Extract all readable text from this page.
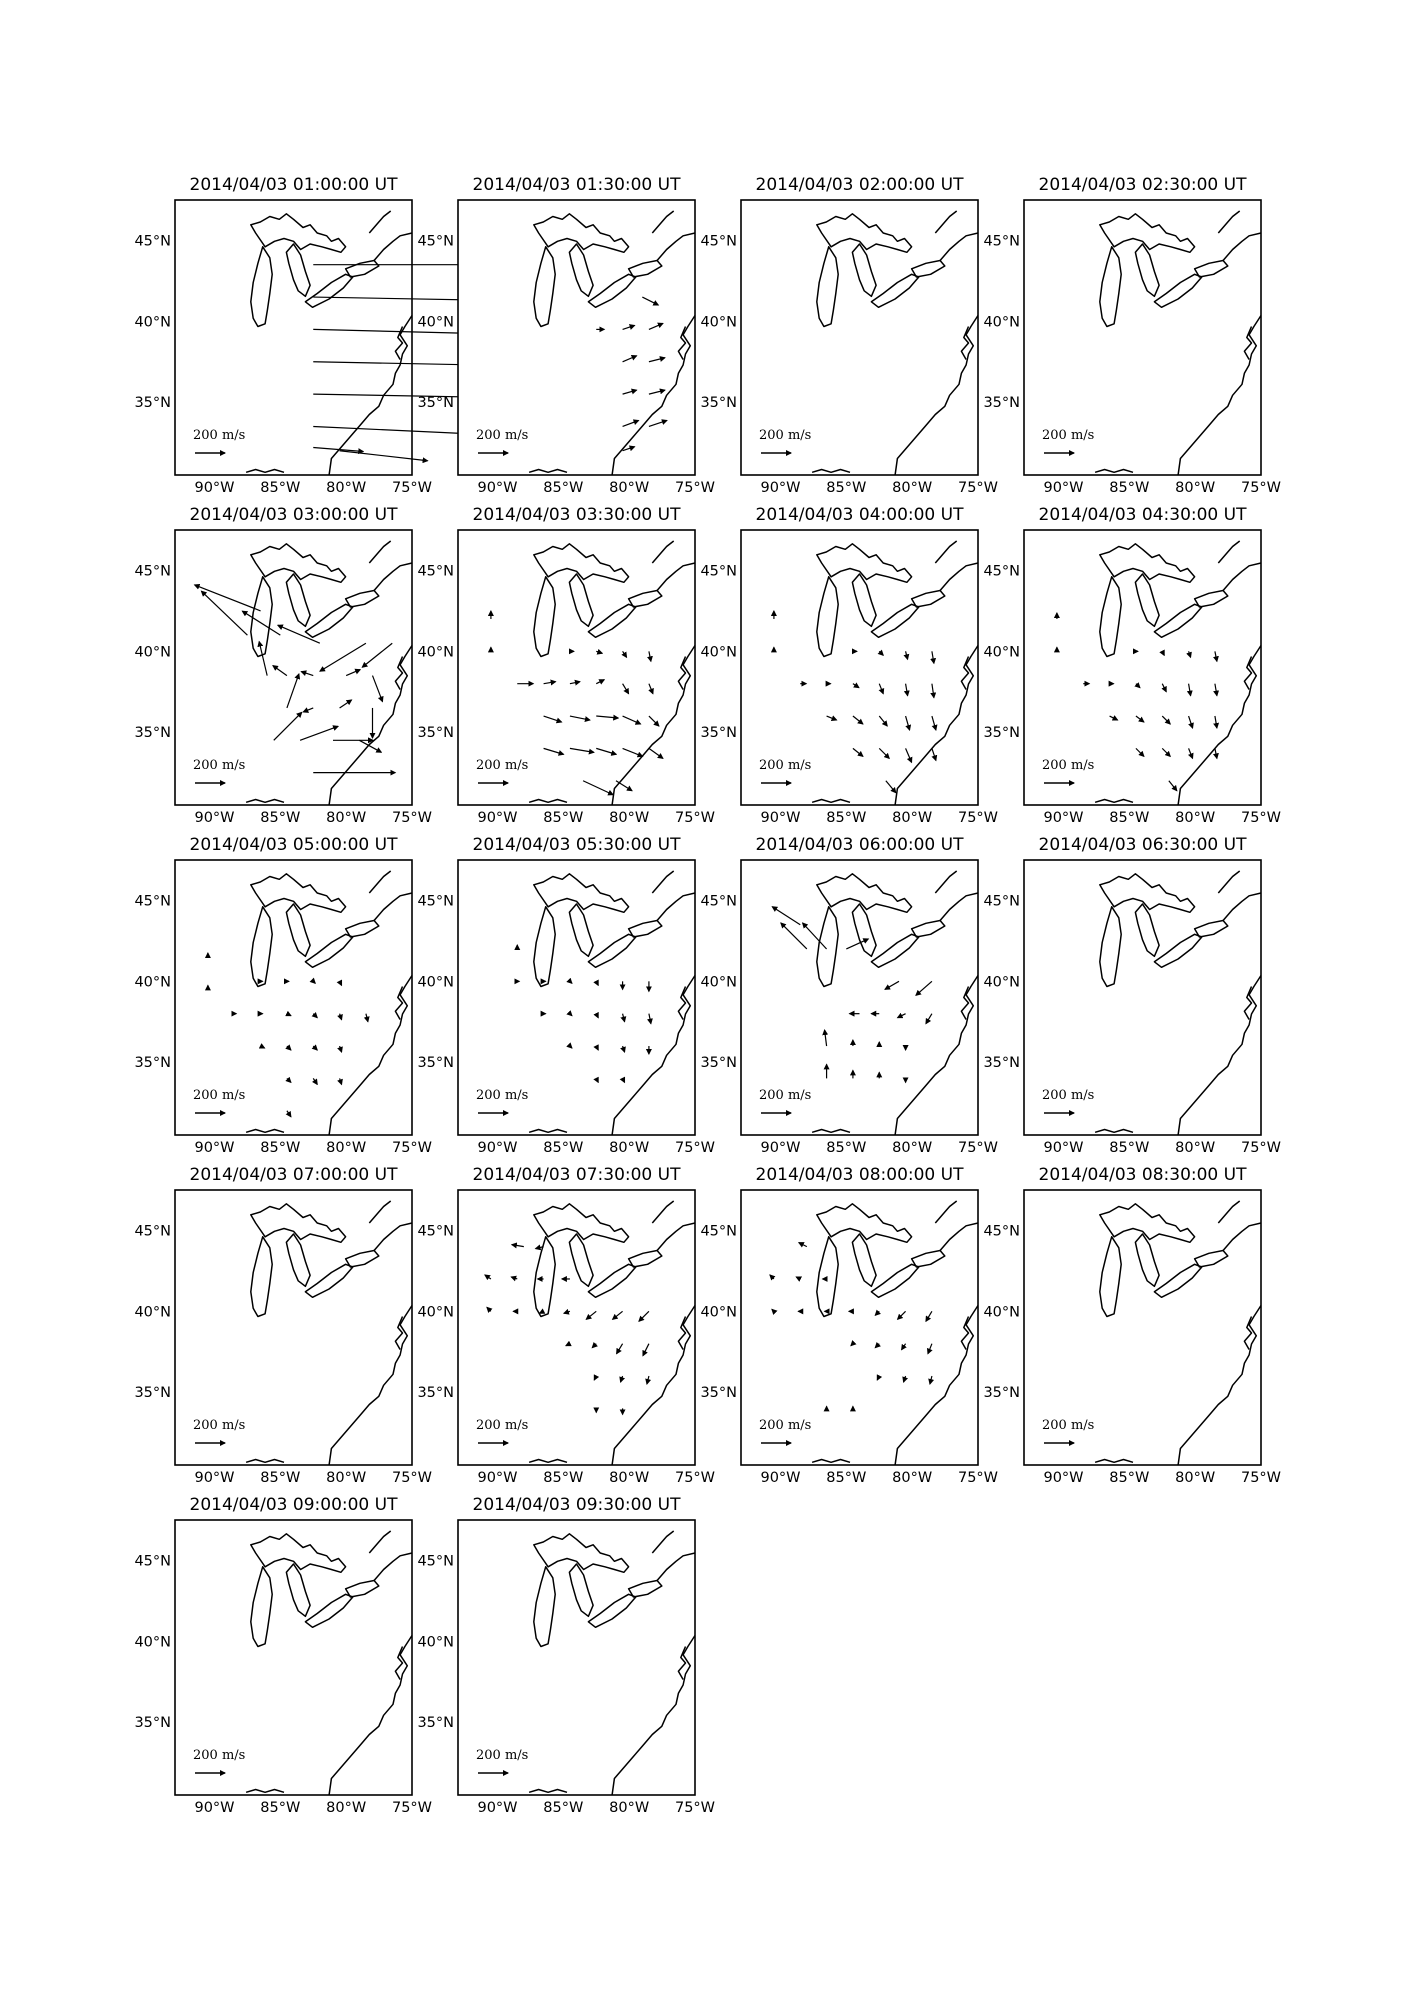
2014/04/03 01:00:00 UT
45°N
40°N
35°N
90°W 85°W 80°W 75°W
200 m/s
2014/04/03 01:30:00 UT
45°N
40°N
35°N
90°W 85°W 80°W 75°W
200 m/s
2014/04/03 02:00:00 UT
45°N
40°N
35°N
90°W 85°W 80°W 75°W
200 m/s
2014/04/03 02:30:00 UT
45°N
40°N
35°N
90°W 85°W 80°W 75°W
200 m/s
2014/04/03 03:00:00 UT
45°N
40°N
35°N
90°W 85°W 80°W 75°W
200 m/s
2014/04/03 03:30:00 UT
45°N
40°N
35°N
90°W 85°W 80°W 75°W
200 m/s
2014/04/03 04:00:00 UT
45°N
40°N
35°N
90°W 85°W 80°W 75°W
200 m/s
2014/04/03 04:30:00 UT
45°N
40°N
35°N
90°W 85°W 80°W 75°W
200 m/s
2014/04/03 05:00:00 UT
45°N
40°N
35°N
90°W 85°W 80°W 75°W
200 m/s
2014/04/03 05:30:00 UT
45°N
40°N
35°N
90°W 85°W 80°W 75°W
200 m/s
2014/04/03 06:00:00 UT
45°N
40°N
35°N
90°W 85°W 80°W 75°W
200 m/s
2014/04/03 06:30:00 UT
45°N
40°N
35°N
90°W 85°W 80°W 75°W
200 m/s
2014/04/03 07:00:00 UT
45°N
40°N
35°N
90°W 85°W 80°W 75°W
200 m/s
2014/04/03 07:30:00 UT
45°N
40°N
35°N
90°W 85°W 80°W 75°W
200 m/s
2014/04/03 08:00:00 UT
45°N
40°N
35°N
90°W 85°W 80°W 75°W
200 m/s
2014/04/03 08:30:00 UT
45°N
40°N
35°N
90°W 85°W 80°W 75°W
200 m/s
2014/04/03 09:00:00 UT
45°N
40°N
35°N
90°W 85°W 80°W 75°W
200 m/s
2014/04/03 09:30:00 UT
45°N
40°N
35°N
90°W 85°W 80°W 75°W
200 m/s
